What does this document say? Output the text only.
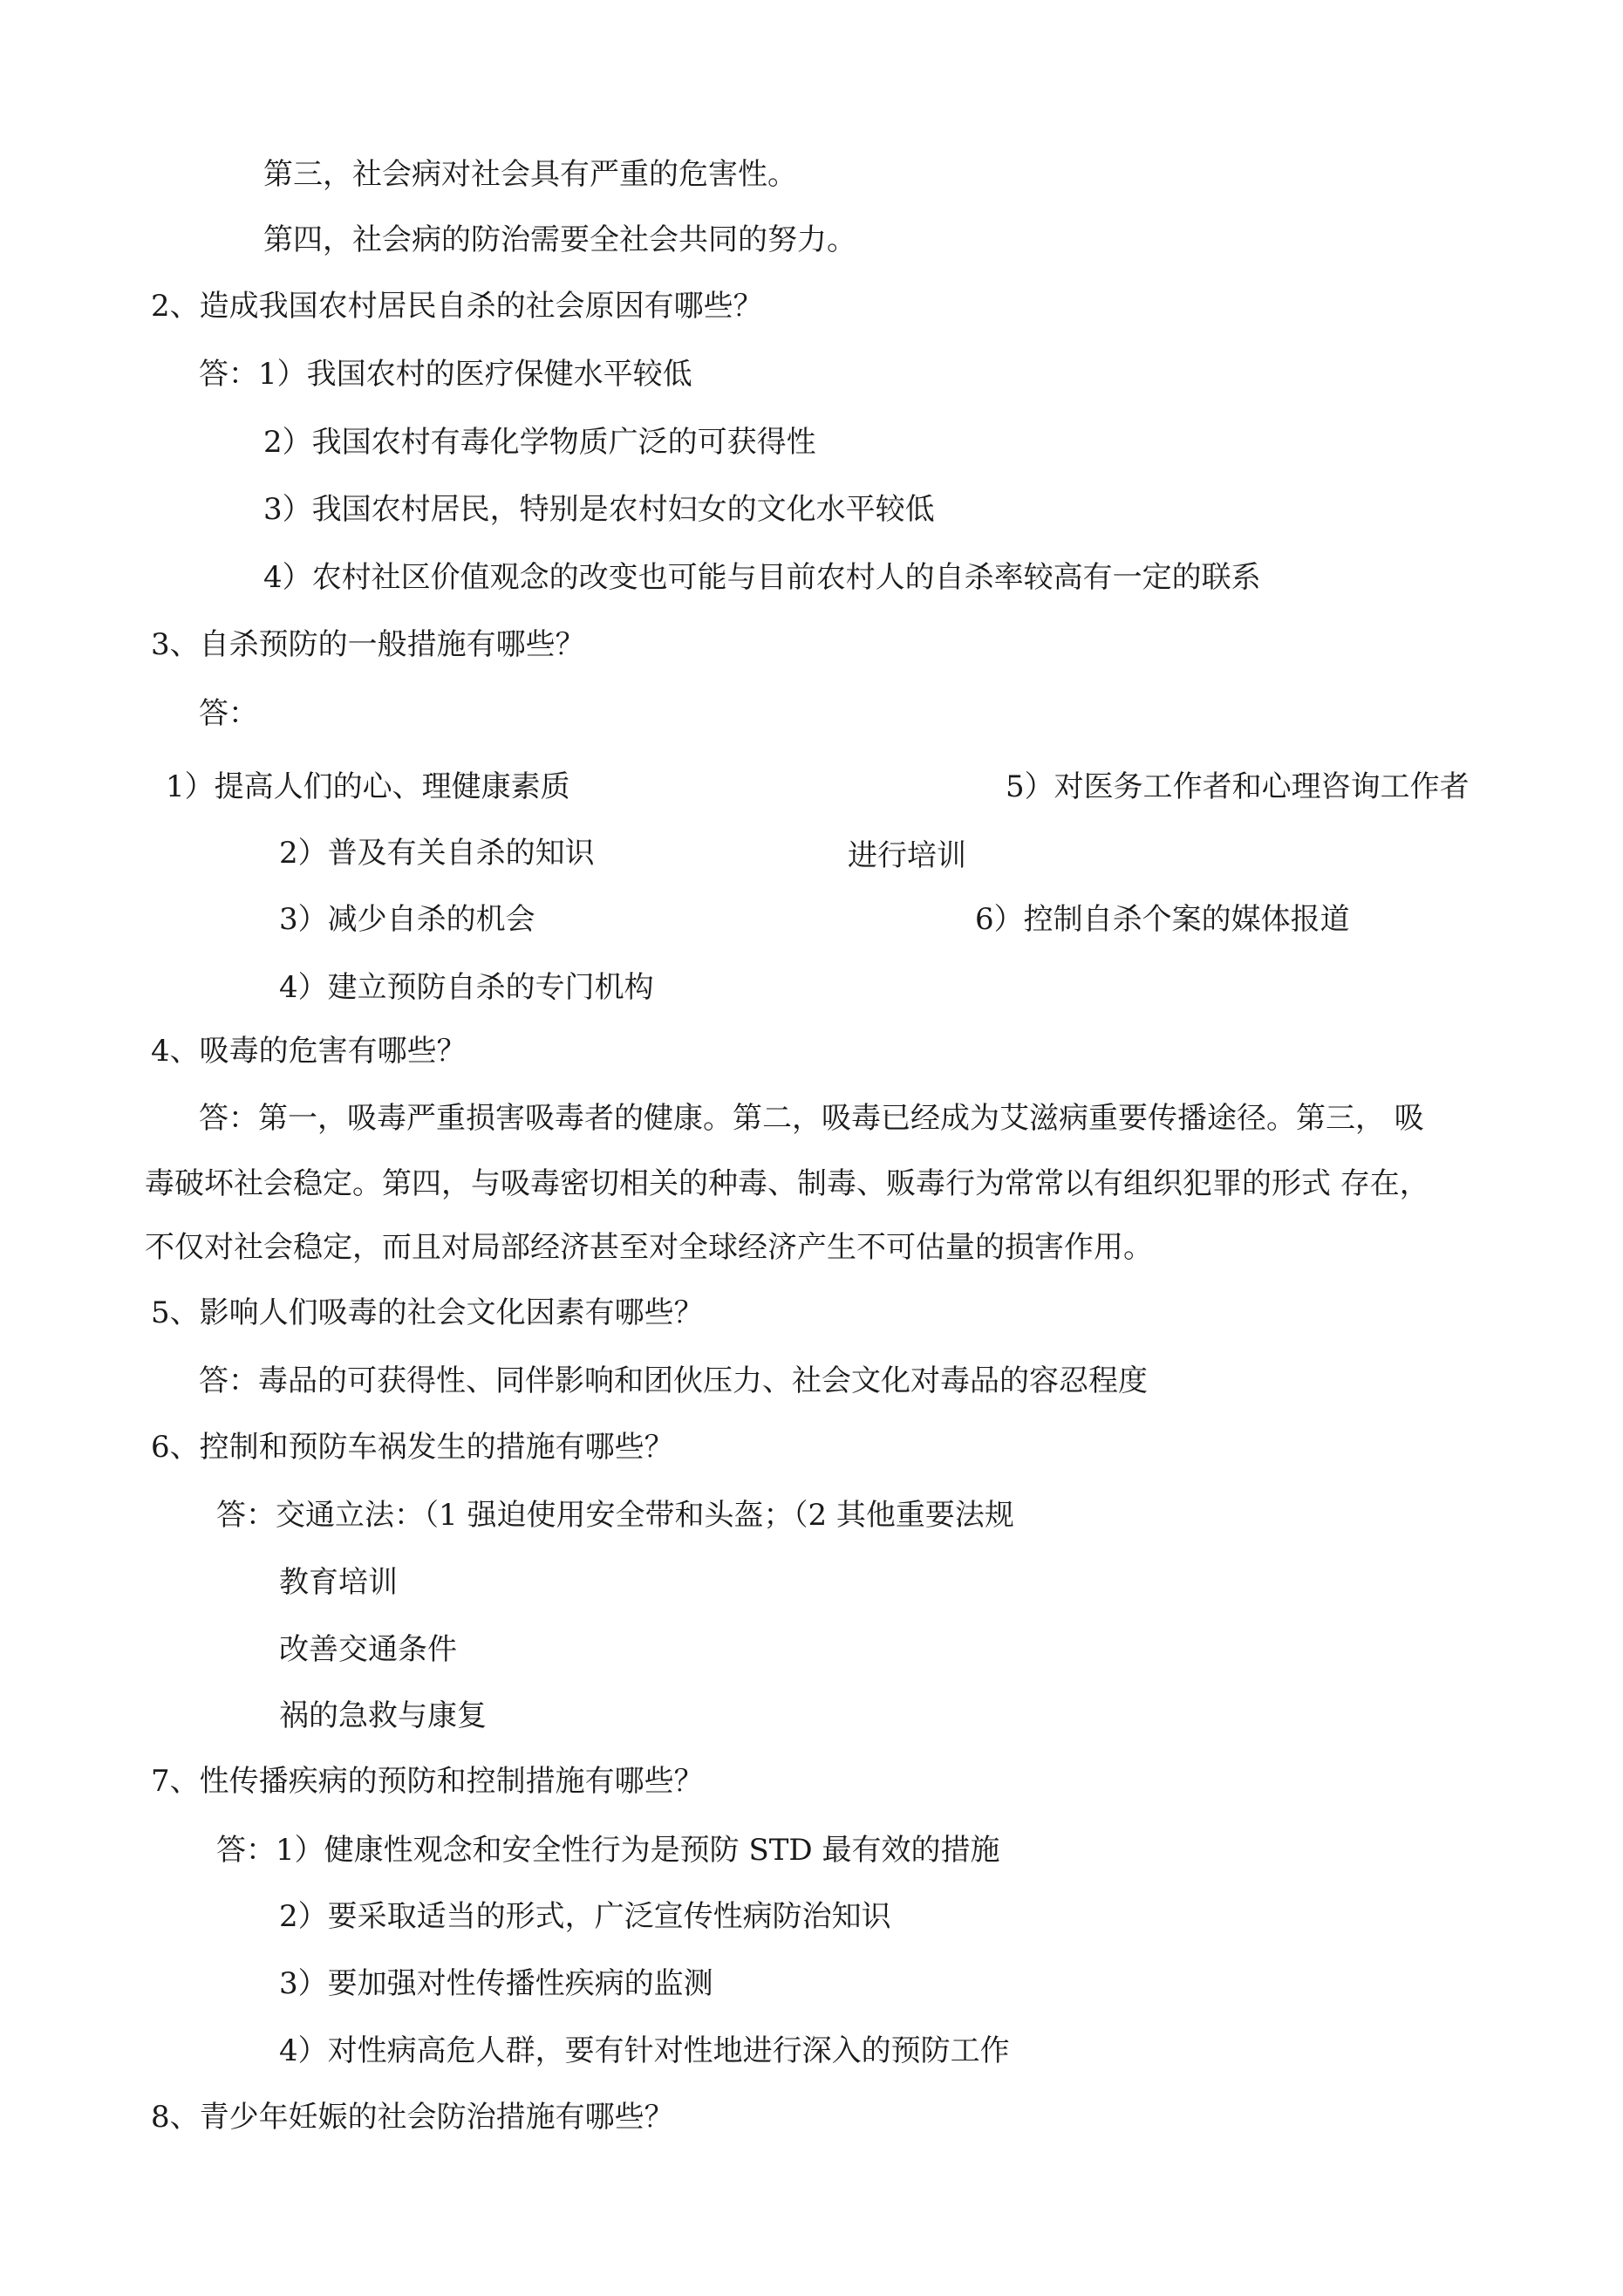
第三，社会病对社会具有严重的危害性。
第四，社会病的防治需要全社会共同的努力。
2、造成我国农村居民自杀的社会原因有哪些？
答：1）我国农村的医疗保健水平较低
2）我国农村有毒化学物质广泛的可获得性
3）我国农村居民，特别是农村妇女的文化水平较低
4）农村社区价值观念的改变也可能与目前农村人的自杀率较高有一定的联系
3、自杀预防的一般措施有哪些？
答：
1）提高人们的心、理健康素质	5）对医务工作者和心理咨询工作者
2）普及有关自杀的知识	进行培训
3）减少自杀的机会	6）控制自杀个案的媒体报道
4）建立预防自杀的专门机构
4、吸毒的危害有哪些？
答：第一，吸毒严重损害吸毒者的健康。第二，吸毒已经成为艾滋病重要传播途径。第三， 吸
毒破坏社会稳定。第四，与吸毒密切相关的种毒、制毒、贩毒行为常常以有组织犯罪的形式 存在，
不仅对社会稳定，而且对局部经济甚至对全球经济产生不可估量的损害作用。
5、影响人们吸毒的社会文化因素有哪些？
答：毒品的可获得性、同伴影响和团伙压力、社会文化对毒品的容忍程度
6、控制和预防车祸发生的措施有哪些？
答：交通立法：（1 强迫使用安全带和头盔；（2 其他重要法规
教育培训
改善交通条件
祸的急救与康复
7、性传播疾病的预防和控制措施有哪些？
答：1）健康性观念和安全性行为是预防 STD 最有效的措施
2）要采取适当的形式，广泛宣传性病防治知识
3）要加强对性传播性疾病的监测
4）对性病高危人群，要有针对性地进行深入的预防工作
8、青少年妊娠的社会防治措施有哪些？
